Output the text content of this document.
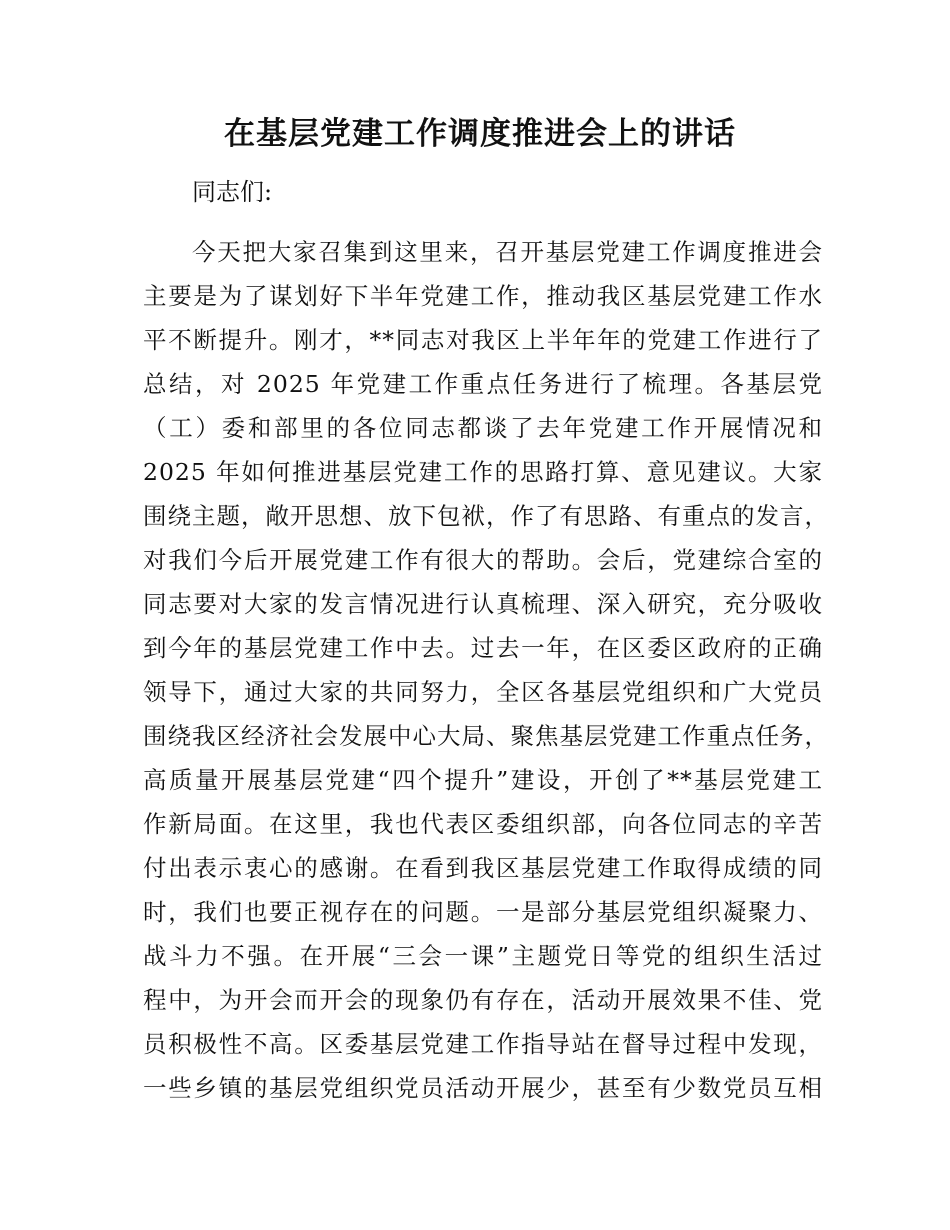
在基层党建工作调度推进会上的讲话
同志们:
今天把大家召集到这里来，召开基层党建工作调度推进会
主要是为了谋划好下半年党建工作，推动我区基层党建工作水
平不断提升。刚才，**同志对我区上半年年的党建工作进行了
总结，对 2025 年党建工作重点任务进行了梳理。各基层党
（工）委和部里的各位同志都谈了去年党建工作开展情况和
2025 年如何推进基层党建工作的思路打算、意见建议。大家
围绕主题，敞开思想、放下包袱，作了有思路、有重点的发言，
对我们今后开展党建工作有很大的帮助。会后，党建综合室的
同志要对大家的发言情况进行认真梳理、深入研究，充分吸收
到今年的基层党建工作中去。过去一年，在区委区政府的正确
领导下，通过大家的共同努力，全区各基层党组织和广大党员
围绕我区经济社会发展中心大局、聚焦基层党建工作重点任务，
高质量开展基层党建“四个提升”建设，开创了**基层党建工
作新局面。在这里，我也代表区委组织部，向各位同志的辛苦
付出表示衷心的感谢。在看到我区基层党建工作取得成绩的同
时，我们也要正视存在的问题。一是部分基层党组织凝聚力、
战斗力不强。在开展“三会一课”主题党日等党的组织生活过
程中，为开会而开会的现象仍有存在，活动开展效果不佳、党
员积极性不高。区委基层党建工作指导站在督导过程中发现，
一些乡镇的基层党组织党员活动开展少，甚至有少数党员互相
